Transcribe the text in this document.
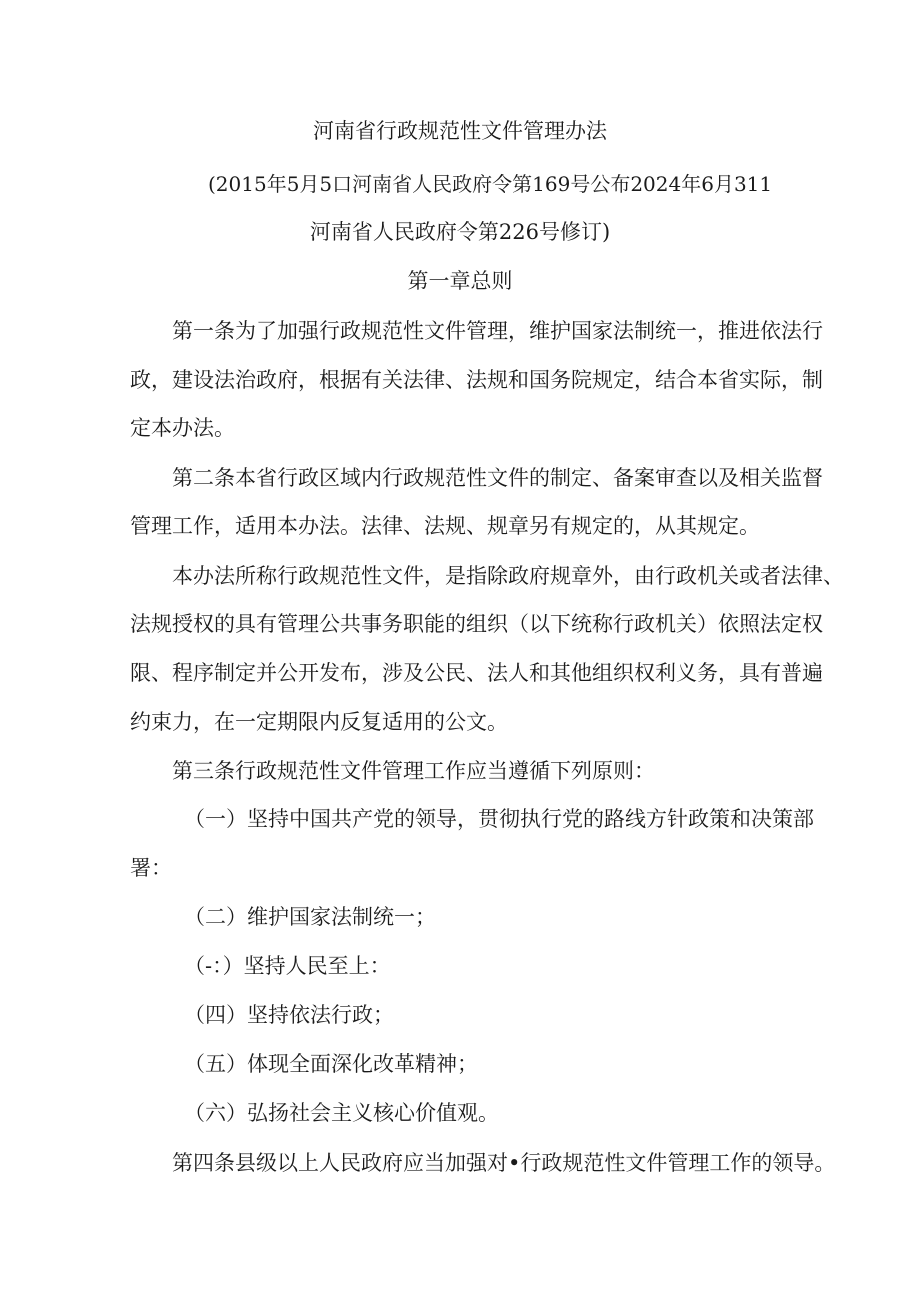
河南省行政规范性文件管理办法
(2015年5月5口河南省人民政府令第169号公布2024年6月311
河南省人民政府令第226号修订)
第一章总则
第一条为了加强行政规范性文件管理，维护国家法制统一，推进依法行
政，建设法治政府，根据有关法律、法规和国务院规定，结合本省实际，制
定本办法。
第二条本省行政区域内行政规范性文件的制定、备案审查以及相关监督
管理工作，适用本办法。法律、法规、规章另有规定的，从其规定。
本办法所称行政规范性文件，是指除政府规章外，由行政机关或者法律、
法规授权的具有管理公共事务职能的组织（以下统称行政机关）依照法定权
限、程序制定并公开发布，涉及公民、法人和其他组织权利义务，具有普遍
约束力，在一定期限内反复适用的公文。
第三条行政规范性文件管理工作应当遵循下列原则：
（一）坚持中国共产党的领导，贯彻执行党的路线方针政策和决策部
署：
（二）维护国家法制统一；
（-：）坚持人民至上：
（四）坚持依法行政；
（五）体现全面深化改革精神；
（六）弘扬社会主义核心价值观。
第四条县级以上人民政府应当加强对•行政规范性文件管理工作的领导。
